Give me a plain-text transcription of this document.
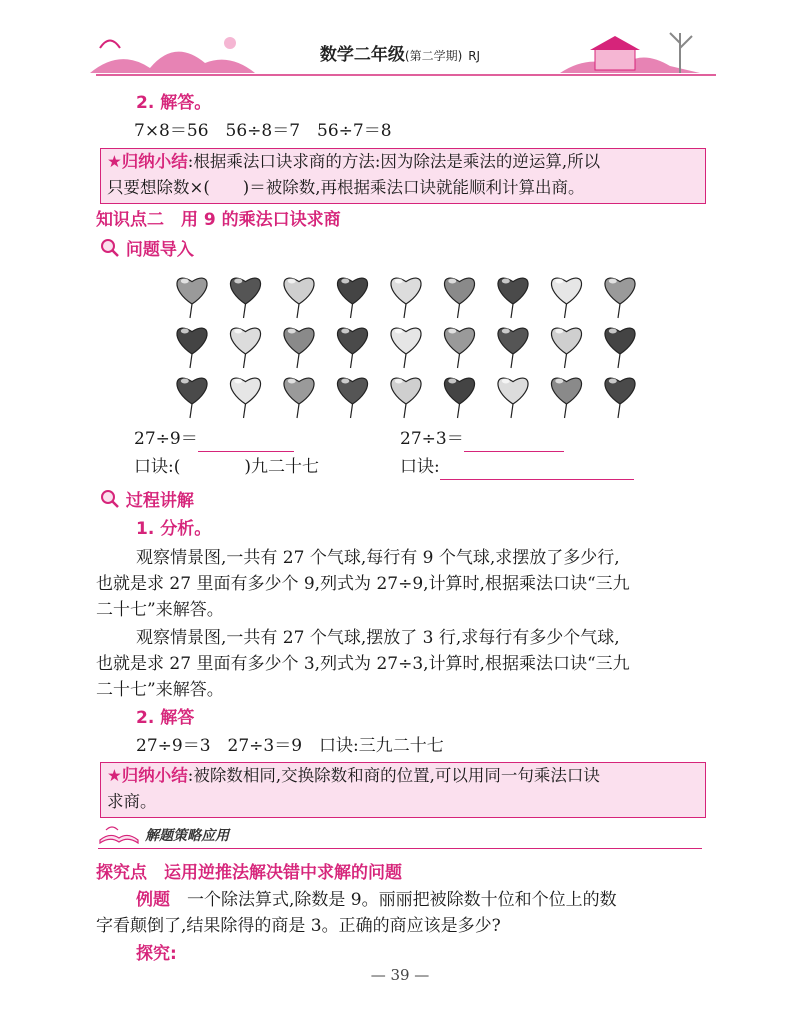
数学二年级(第二学期) RJ
2. 解答。
7×8＝56　56÷8＝7　56÷7＝8
★归纳小结:根据乘法口诀求商的方法:因为除法是乘法的逆运算,所以
只要想除数×(　　)＝被除数,再根据乘法口诀就能顺利计算出商。
知识点二　 用 9 的乘法口诀求商
问题导入
27÷9＝	27÷3＝
口诀:(	)九二十七	口诀:
过程讲解
1. 分析。
观察情景图,一共有 27 个气球,每行有 9 个气球,求摆放了多少行,
也就是求 27 里面有多少个 9,列式为 27÷9,计算时,根据乘法口诀“三九
二十七”来解答。
观察情景图,一共有 27 个气球,摆放了 3 行,求每行有多少个气球,
也就是求 27 里面有多少个 3,列式为 27÷3,计算时,根据乘法口诀“三九
二十七”来解答。
2. 解答
27÷9＝3　27÷3＝9　口诀:三九二十七
★归纳小结:被除数相同,交换除数和商的位置,可以用同一句乘法口诀
求商。
解题策略应用
探究点　 运用逆推法解决错中求解的问题
例题　 一个除法算式,除数是 9。丽丽把被除数十位和个位上的数
字看颠倒了,结果除得的商是 3。正确的商应该是多少?
探究:
— 39 —
